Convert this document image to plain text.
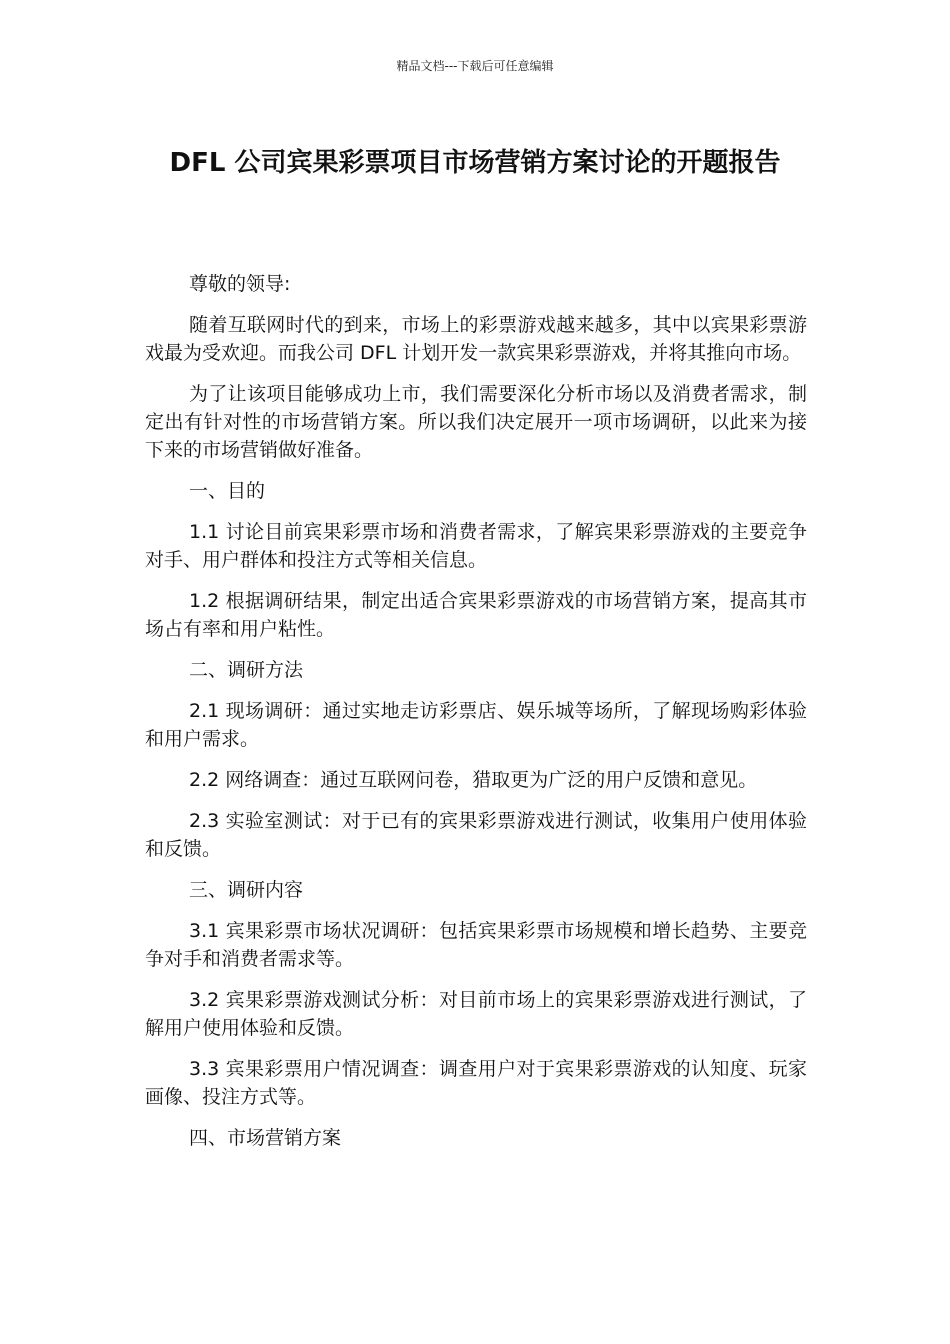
精品文档---下载后可任意编辑
DFL 公司宾果彩票项目市场营销方案讨论的开题报告

尊敬的领导:

随着互联网时代的到来，市场上的彩票游戏越来越多，其中以宾果彩票游戏最为受欢迎。而我公司 DFL 计划开发一款宾果彩票游戏，并将其推向市场。

为了让该项目能够成功上市，我们需要深化分析市场以及消费者需求，制定出有针对性的市场营销方案。所以我们决定展开一项市场调研，以此来为接下来的市场营销做好准备。

一、目的

1.1 讨论目前宾果彩票市场和消费者需求，了解宾果彩票游戏的主要竞争对手、用户群体和投注方式等相关信息。

1.2 根据调研结果，制定出适合宾果彩票游戏的市场营销方案，提高其市场占有率和用户粘性。

二、调研方法

2.1 现场调研：通过实地走访彩票店、娱乐城等场所，了解现场购彩体验和用户需求。

2.2 网络调查：通过互联网问卷，猎取更为广泛的用户反馈和意见。

2.3 实验室测试：对于已有的宾果彩票游戏进行测试，收集用户使用体验和反馈。

三、调研内容

3.1 宾果彩票市场状况调研：包括宾果彩票市场规模和增长趋势、主要竞争对手和消费者需求等。

3.2 宾果彩票游戏测试分析：对目前市场上的宾果彩票游戏进行测试，了解用户使用体验和反馈。

3.3 宾果彩票用户情况调查：调查用户对于宾果彩票游戏的认知度、玩家画像、投注方式等。

四、市场营销方案
